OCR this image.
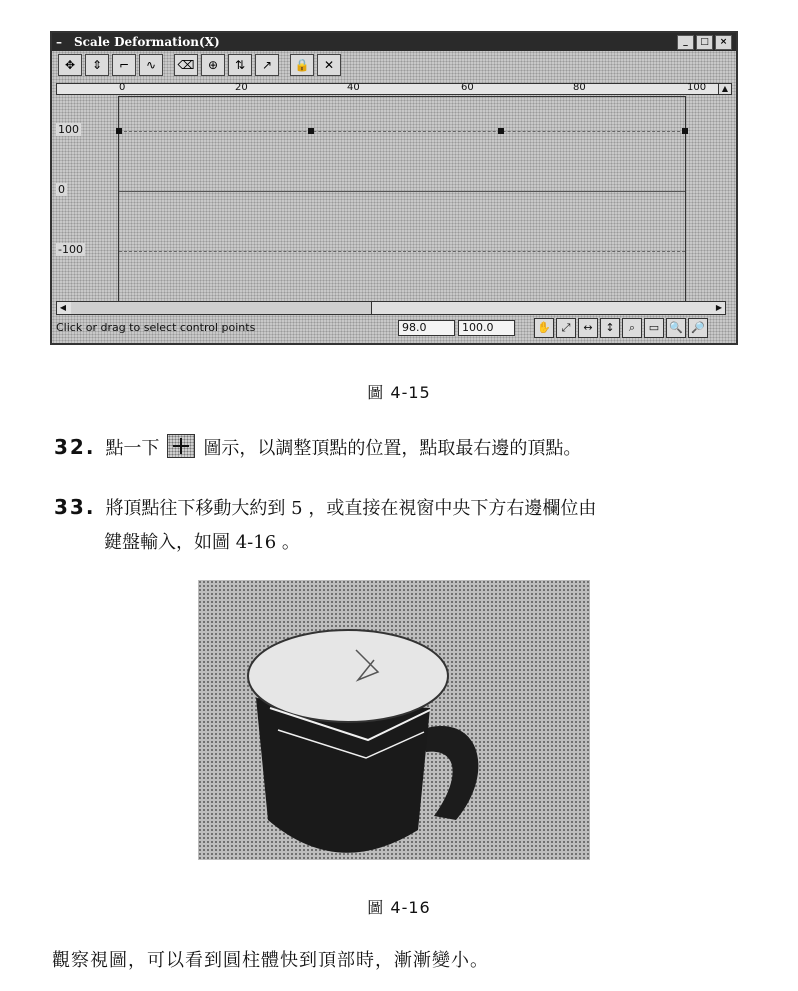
– Scale Deformation(X)	_	□	×
✥	⇕	⌐	∿	⌫	⊕	⇅	↗	🔒	✕
0	20	40	60	80	100	▲
100
0
-100
◀	▶
Click or drag to select control points	98.0	100.0	✋ ⤢	↔	↕	⌕	▭ 🔍 🔎
圖 4-15
32. 點一下 圖示，以調整頂點的位置，點取最右邊的頂點。
33. 將頂點往下移動大約到 5 ，或直接在視窗中央下方右邊欄位由
鍵盤輸入，如圖 4-16 。
圖 4-16
觀察視圖，可以看到圓柱體快到頂部時，漸漸變小。
